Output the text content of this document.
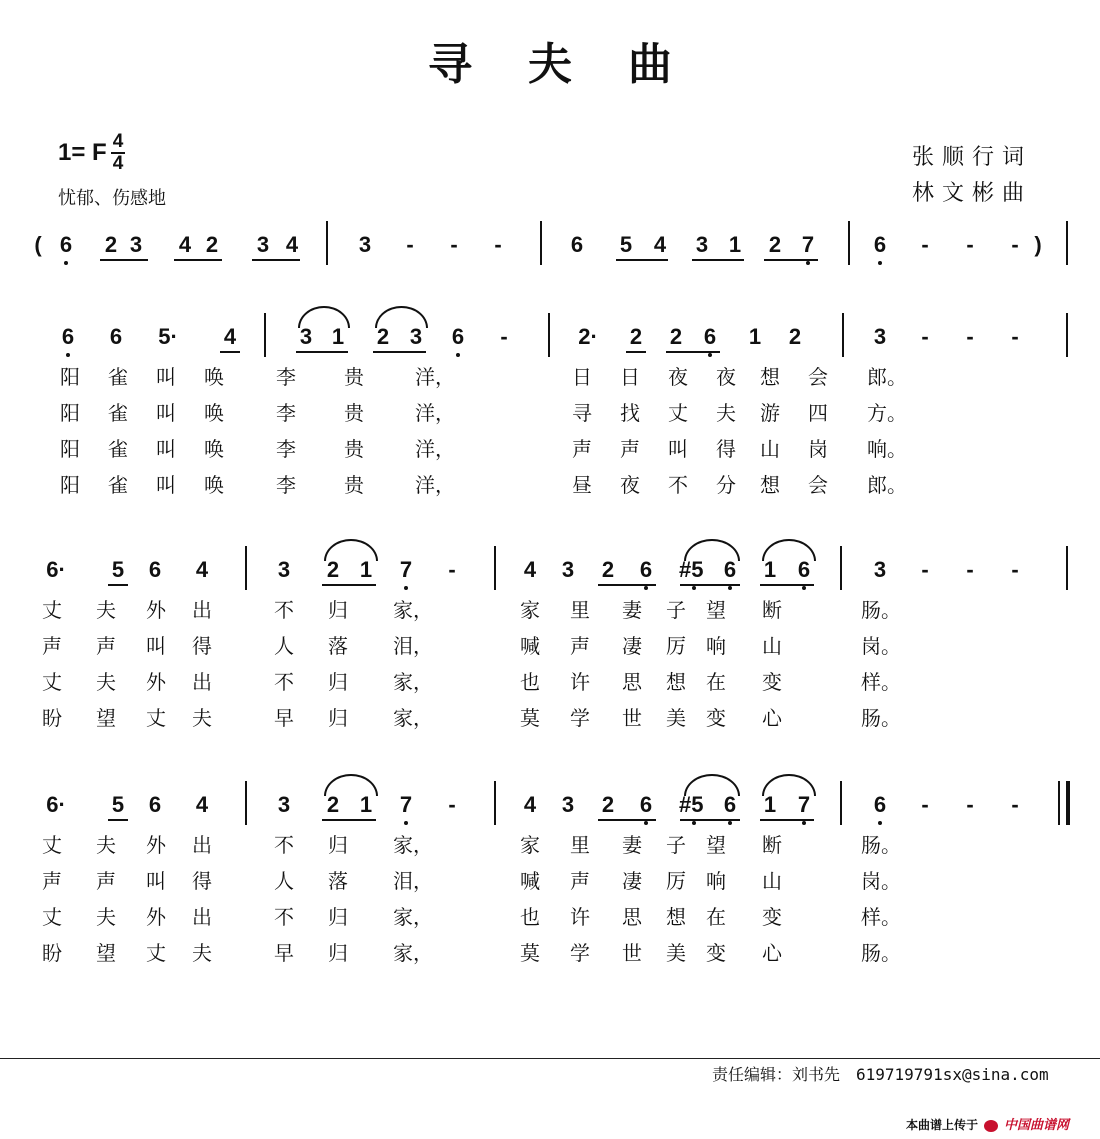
寻夫曲
1= F $\frac{4}{4}$
忧郁、伤感地
张顺行词
林文彬曲
( 6 2 3 4 2 3 4	3	-	-	-	6 5 4 3 1 2 7	6	-	-	- )
6 6 5· 4	3 1 2 3 6	-	2· 2 2 6 1 2	3	-	-	-
阳 雀 叫 唤	李 贵	洋，	日 日 夜 夜 想 会 郎。
阳 雀 叫 唤	李 贵	洋，	寻 找 丈 夫 游 四 方。
阳 雀 叫 唤	李 贵	洋，	声 声 叫 得 山 岗 响。
阳 雀 叫 唤	李 贵	洋，	昼 夜 不 分 想 会 郎。
6· 5 6 4	3 2 1 7	-	4 3 2 6 #5 6 1 6	3	-	-	-
丈 夫 外 出	不 归 家，	家 里 妻 子 望 断	肠。
声 声 叫 得	人 落 泪，	喊 声 凄 厉 响 山	岗。
丈 夫 外 出	不 归 家，	也 许 思 想 在 变	样。
盼 望 丈 夫	早 归 家，	莫 学 世 美 变 心	肠。
6· 5 6 4	3 2 1 7	-	4 3 2 6 #5 6 1 7	6	-	-	-
丈 夫 外 出	不 归 家，	家 里 妻 子 望 断	肠。
声 声 叫 得	人 落 泪，	喊 声 凄 厉 响 山	岗。
丈 夫 外 出	不 归 家，	也 许 思 想 在 变	样。
盼 望 丈 夫	早 归 家，	莫 学 世 美 变 心	肠。
责任编辑：刘书先　619719791sx@sina.com
本曲谱上传于 中国曲谱网
